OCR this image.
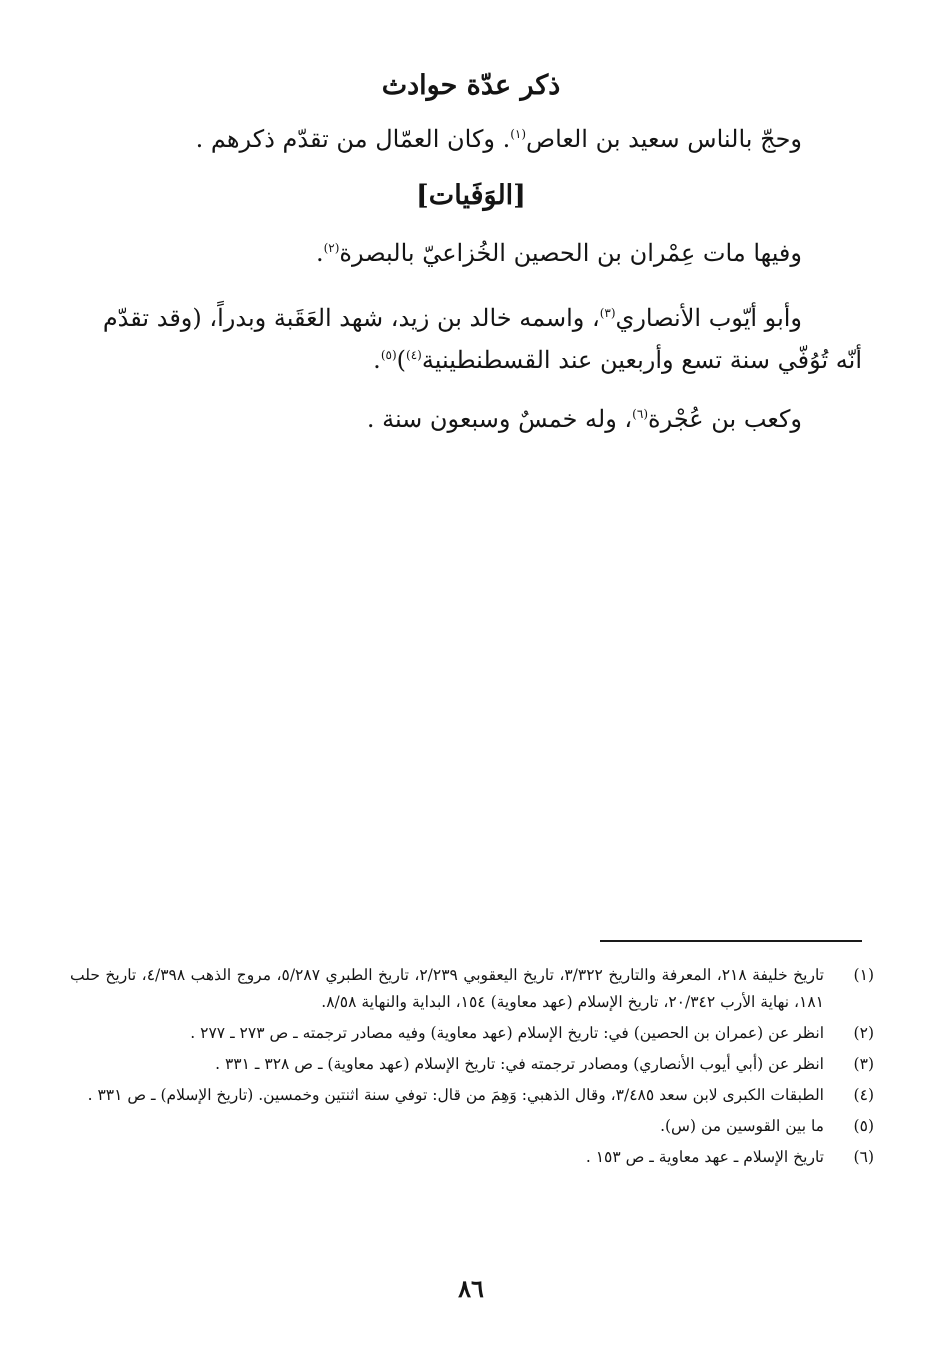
ذكر عدّة حوادث
وحجّ بالناس سعيد بن العاص$^{(١)}$. وكان العمّال من تقدّم ذكرهم .
[الوَفَيات]
وفيها مات عِمْران بن الحصين الخُزاعيّ بالبصرة$^{(٢)}$.
وأبو أيّوب الأنصاري$^{(٣)}$، واسمه خالد بن زيد، شهد العَقَبة وبدراً، (وقد تقدّم
أنّه تُوُفّي سنة تسع وأربعين عند القسطنطينية$^{(٤)}$)$^{(٥)}$.
وكعب بن عُجْرة$^{(٦)}$، وله خمسٌ وسبعون سنة .
(١)
تاريخ خليفة ٢١٨، المعرفة والتاريخ ٣/٣٢٢، تاريخ اليعقوبي ٢/٢٣٩، تاريخ الطبري ٥/٢٨٧، مروج الذهب ٤/٣٩٨، تاريخ حلب ١٨١، نهاية الأرب ٢٠/٣٤٢، تاريخ الإسلام (عهد معاوية) ١٥٤، البداية والنهاية ٨/٥٨.
(٢)
انظر عن (عمران بن الحصين) في: تاريخ الإسلام (عهد معاوية) وفيه مصادر ترجمته ـ ص ٢٧٣ ـ ٢٧٧ .
(٣)
انظر عن (أبي أيوب الأنصاري) ومصادر ترجمته في: تاريخ الإسلام (عهد معاوية) ـ ص ٣٢٨ ـ ٣٣١ .
(٤)
الطبقات الكبرى لابن سعد ٣/٤٨٥، وقال الذهبي: وَهِمَ من قال: توفي سنة اثنتين وخمسين. (تاريخ الإسلام) ـ ص ٣٣١ .
(٥)
ما بين القوسين من (س).
(٦)
تاريخ الإسلام ـ عهد معاوية ـ ص ١٥٣ .
٨٦
